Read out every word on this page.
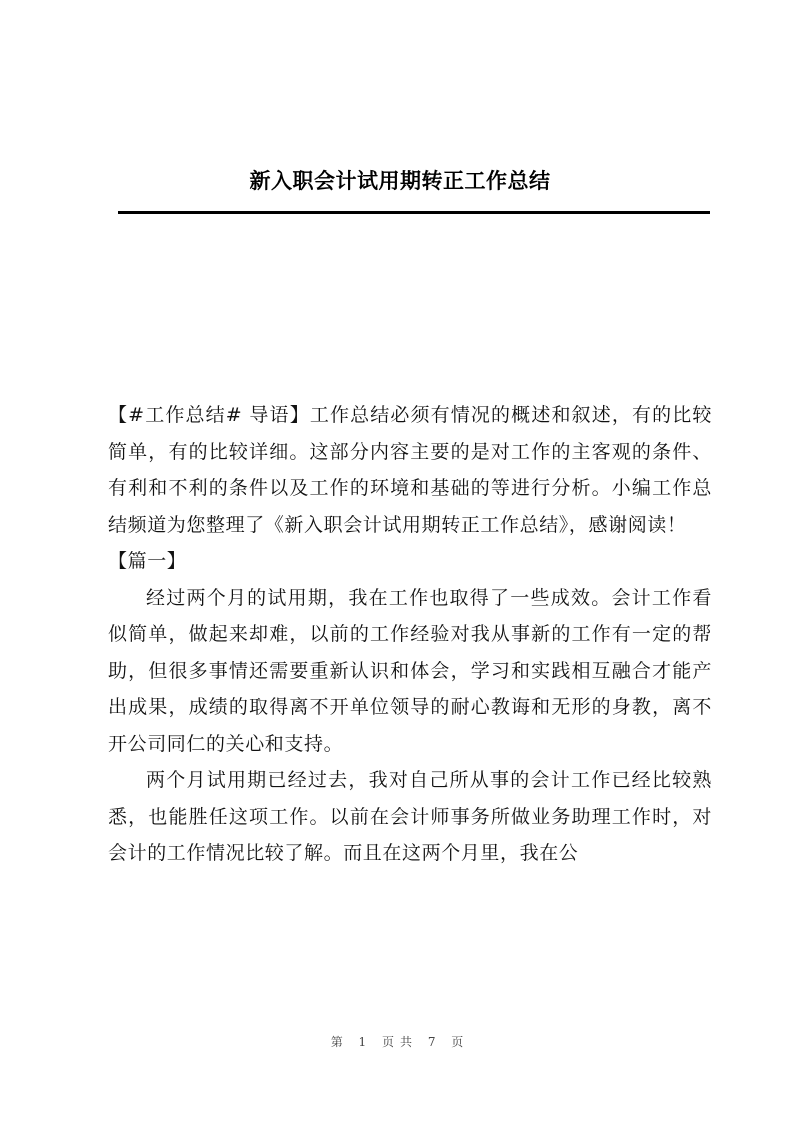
新入职会计试用期转正工作总结

【#工作总结# 导语】工作总结必须有情况的概述和叙述，有的比较简单，有的比较详细。这部分内容主要的是对工作的主客观的条件、有利和不利的条件以及工作的环境和基础的等进行分析。小编工作总结频道为您整理了《新入职会计试用期转正工作总结》，感谢阅读！

【篇一】

经过两个月的试用期，我在工作也取得了一些成效。会计工作看似简单，做起来却难，以前的工作经验对我从事新的工作有一定的帮助，但很多事情还需要重新认识和体会，学习和实践相互融合才能产出成果，成绩的取得离不开单位领导的耐心教诲和无形的身教，离不开公司同仁的关心和支持。

两个月试用期已经过去，我对自己所从事的会计工作已经比较熟悉，也能胜任这项工作。以前在会计师事务所做业务助理工作时，对会计的工作情况比较了解。而且在这两个月里，我在公

第 1 页共 7 页
